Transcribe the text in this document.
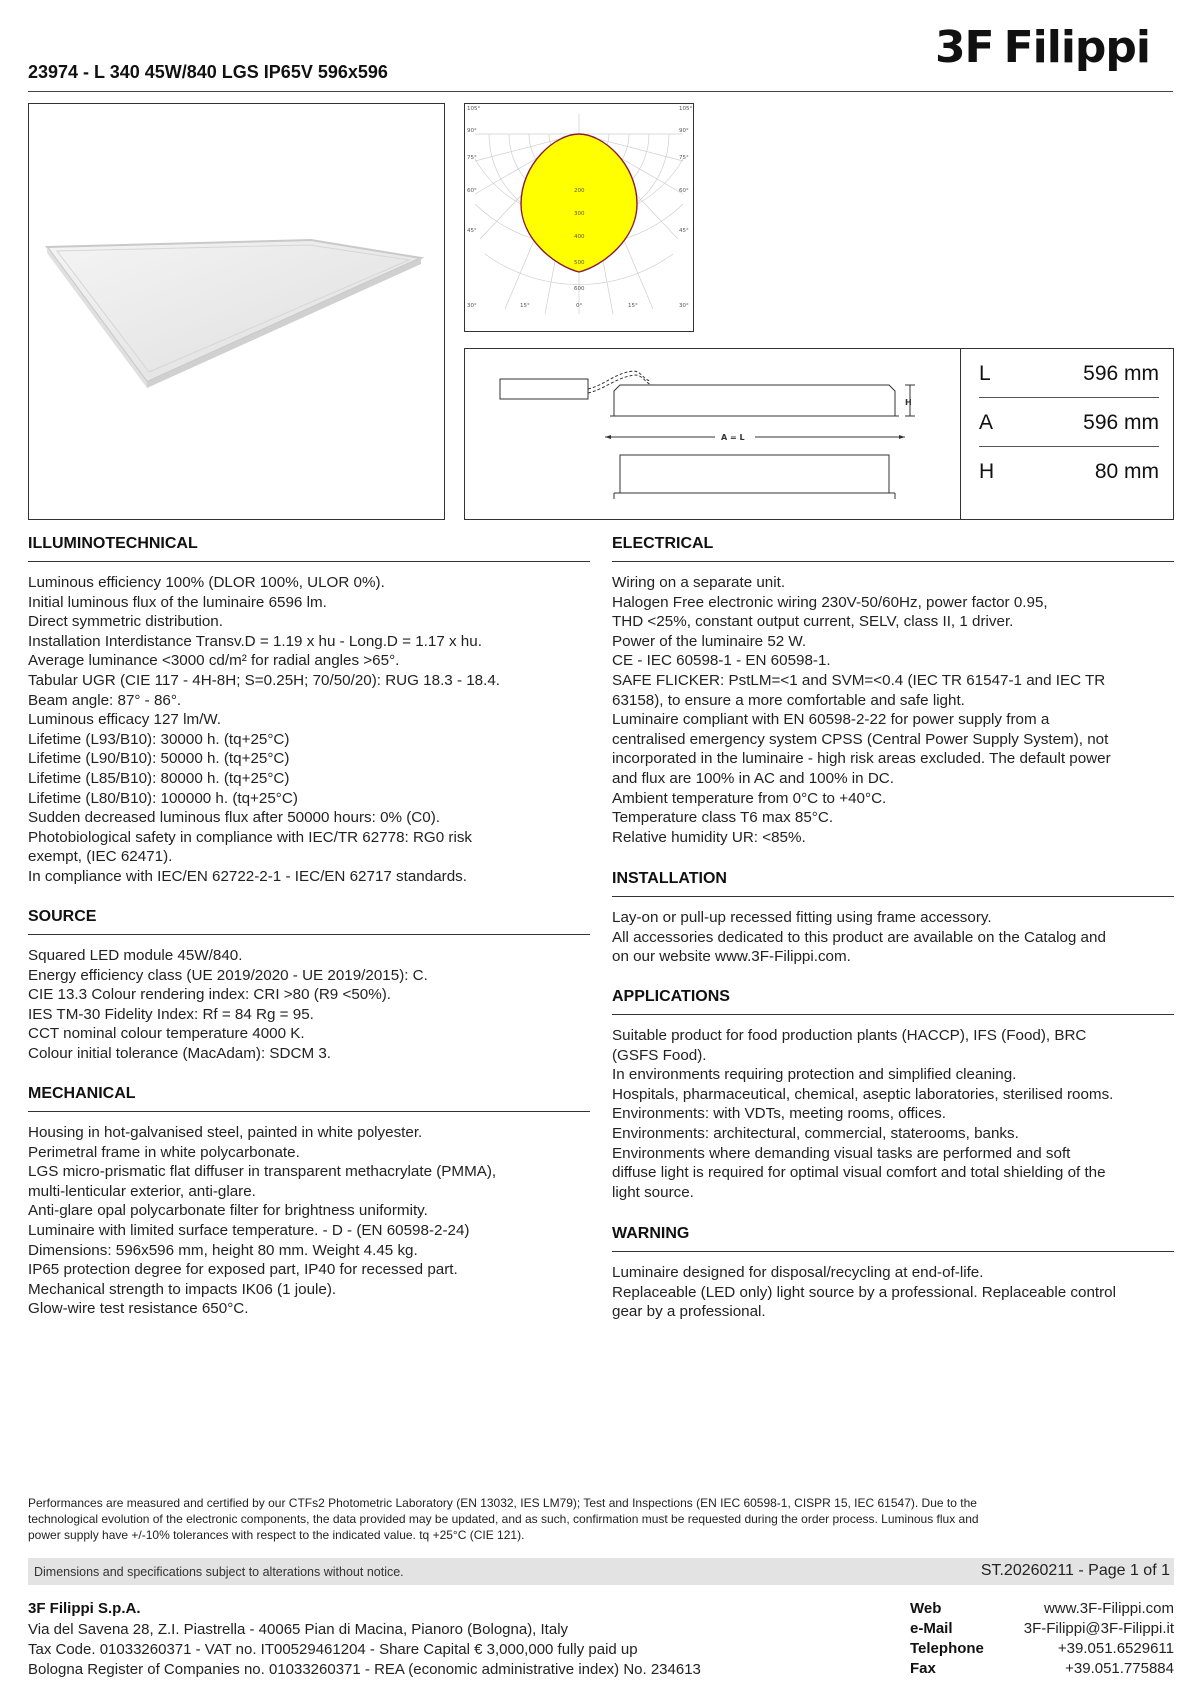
3F Filippi
23974 - L 340 45W/840 LGS IP65V 596x596
105°
90°
75°
60°
45°
30°
105°
90°
75°
60°
45°
30°
15°	0°	15°
200
300
400
500
600
H
A = L
L	596 mm
A	596 mm
H	80 mm
ILLUMINOTECHNICAL
Luminous efficiency 100% (DLOR 100%, ULOR 0%).
Initial luminous flux of the luminaire 6596 lm.
Direct symmetric distribution.
Installation Interdistance Transv.D = 1.19 x hu - Long.D = 1.17 x hu.
Average luminance <3000 cd/m² for radial angles >65°.
Tabular UGR (CIE 117 - 4H-8H; S=0.25H; 70/50/20): RUG 18.3 - 18.4.
Beam angle: 87° - 86°.
Luminous efficacy 127 lm/W.
Lifetime (L93/B10): 30000 h. (tq+25°C)
Lifetime (L90/B10): 50000 h. (tq+25°C)
Lifetime (L85/B10): 80000 h. (tq+25°C)
Lifetime (L80/B10): 100000 h. (tq+25°C)
Sudden decreased luminous flux after 50000 hours: 0% (C0).
Photobiological safety in compliance with IEC/TR 62778: RG0 risk
exempt, (IEC 62471).
In compliance with IEC/EN 62722-2-1 - IEC/EN 62717 standards.
SOURCE
Squared LED module 45W/840.
Energy efficiency class (UE 2019/2020 - UE 2019/2015): C.
CIE 13.3 Colour rendering index: CRI >80 (R9 <50%).
IES TM-30 Fidelity Index: Rf = 84 Rg = 95.
CCT nominal colour temperature 4000 K.
Colour initial tolerance (MacAdam): SDCM 3.
MECHANICAL
Housing in hot-galvanised steel, painted in white polyester.
Perimetral frame in white polycarbonate.
LGS micro-prismatic flat diffuser in transparent methacrylate (PMMA),
multi-lenticular exterior, anti-glare.
Anti-glare opal polycarbonate filter for brightness uniformity.
Luminaire with limited surface temperature. - D - (EN 60598-2-24)
Dimensions: 596x596 mm, height 80 mm. Weight 4.45 kg.
IP65 protection degree for exposed part, IP40 for recessed part.
Mechanical strength to impacts IK06 (1 joule).
Glow-wire test resistance 650°C.
ELECTRICAL
Wiring on a separate unit.
Halogen Free electronic wiring 230V-50/60Hz, power factor 0.95,
THD <25%, constant output current, SELV, class II, 1 driver.
Power of the luminaire 52 W.
CE - IEC 60598-1 - EN 60598-1.
SAFE FLICKER: PstLM=<1 and SVM=<0.4 (IEC TR 61547-1 and IEC TR
63158), to ensure a more comfortable and safe light.
Luminaire compliant with EN 60598-2-22 for power supply from a
centralised emergency system CPSS (Central Power Supply System), not
incorporated in the luminaire - high risk areas excluded. The default power
and flux are 100% in AC and 100% in DC.
Ambient temperature from 0°C to +40°C.
Temperature class T6 max 85°C.
Relative humidity UR: <85%.
INSTALLATION
Lay-on or pull-up recessed fitting using frame accessory.
All accessories dedicated to this product are available on the Catalog and
on our website www.3F-Filippi.com.
APPLICATIONS
Suitable product for food production plants (HACCP), IFS (Food), BRC
(GSFS Food).
In environments requiring protection and simplified cleaning.
Hospitals, pharmaceutical, chemical, aseptic laboratories, sterilised rooms.
Environments: with VDTs, meeting rooms, offices.
Environments: architectural, commercial, staterooms, banks.
Environments where demanding visual tasks are performed and soft
diffuse light is required for optimal visual comfort and total shielding of the
light source.
WARNING
Luminaire designed for disposal/recycling at end-of-life.
Replaceable (LED only) light source by a professional. Replaceable control
gear by a professional.
Performances are measured and certified by our CTFs2 Photometric Laboratory (EN 13032, IES LM79); Test and Inspections (EN IEC 60598-1, CISPR 15, IEC 61547). Due to the
technological evolution of the electronic components, the data provided may be updated, and as such, confirmation must be requested during the order process. Luminous flux and
power supply have +/-10% tolerances with respect to the indicated value. tq +25°C (CIE 121).
Dimensions and specifications subject to alterations without notice.	ST.20260211 - Page 1 of 1
3F Filippi S.p.A.
Via del Savena 28, Z.I. Piastrella - 40065 Pian di Macina, Pianoro (Bologna), Italy
Tax Code. 01033260371 - VAT no. IT00529461204 - Share Capital € 3,000,000 fully paid up
Bologna Register of Companies no. 01033260371 - REA (economic administrative index) No. 234613
Web	www.3F-Filippi.com
e-Mail	3F-Filippi@3F-Filippi.it
Telephone	+39.051.6529611
Fax	+39.051.775884
